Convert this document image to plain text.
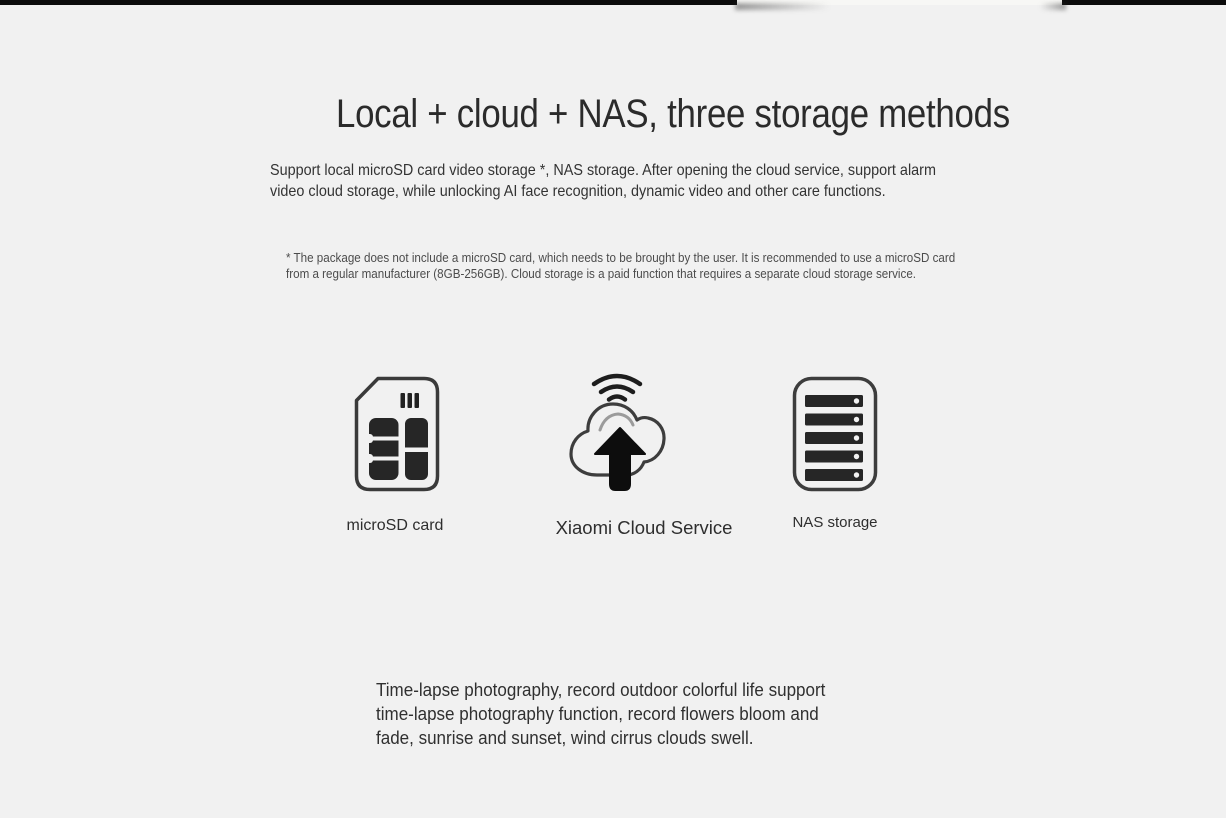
Local + cloud + NAS, three storage methods
Support local microSD card video storage *, NAS storage. After opening the cloud service, support alarm
video cloud storage, while unlocking AI face recognition, dynamic video and other care functions.
* The package does not include a microSD card, which needs to be brought by the user. It is recommended to use a microSD card
from a regular manufacturer (8GB-256GB). Cloud storage is a paid function that requires a separate cloud storage service.
microSD card	Xiaomi Cloud Service	NAS storage
Time-lapse photography, record outdoor colorful life support
time-lapse photography function, record flowers bloom and
fade, sunrise and sunset, wind cirrus clouds swell.
